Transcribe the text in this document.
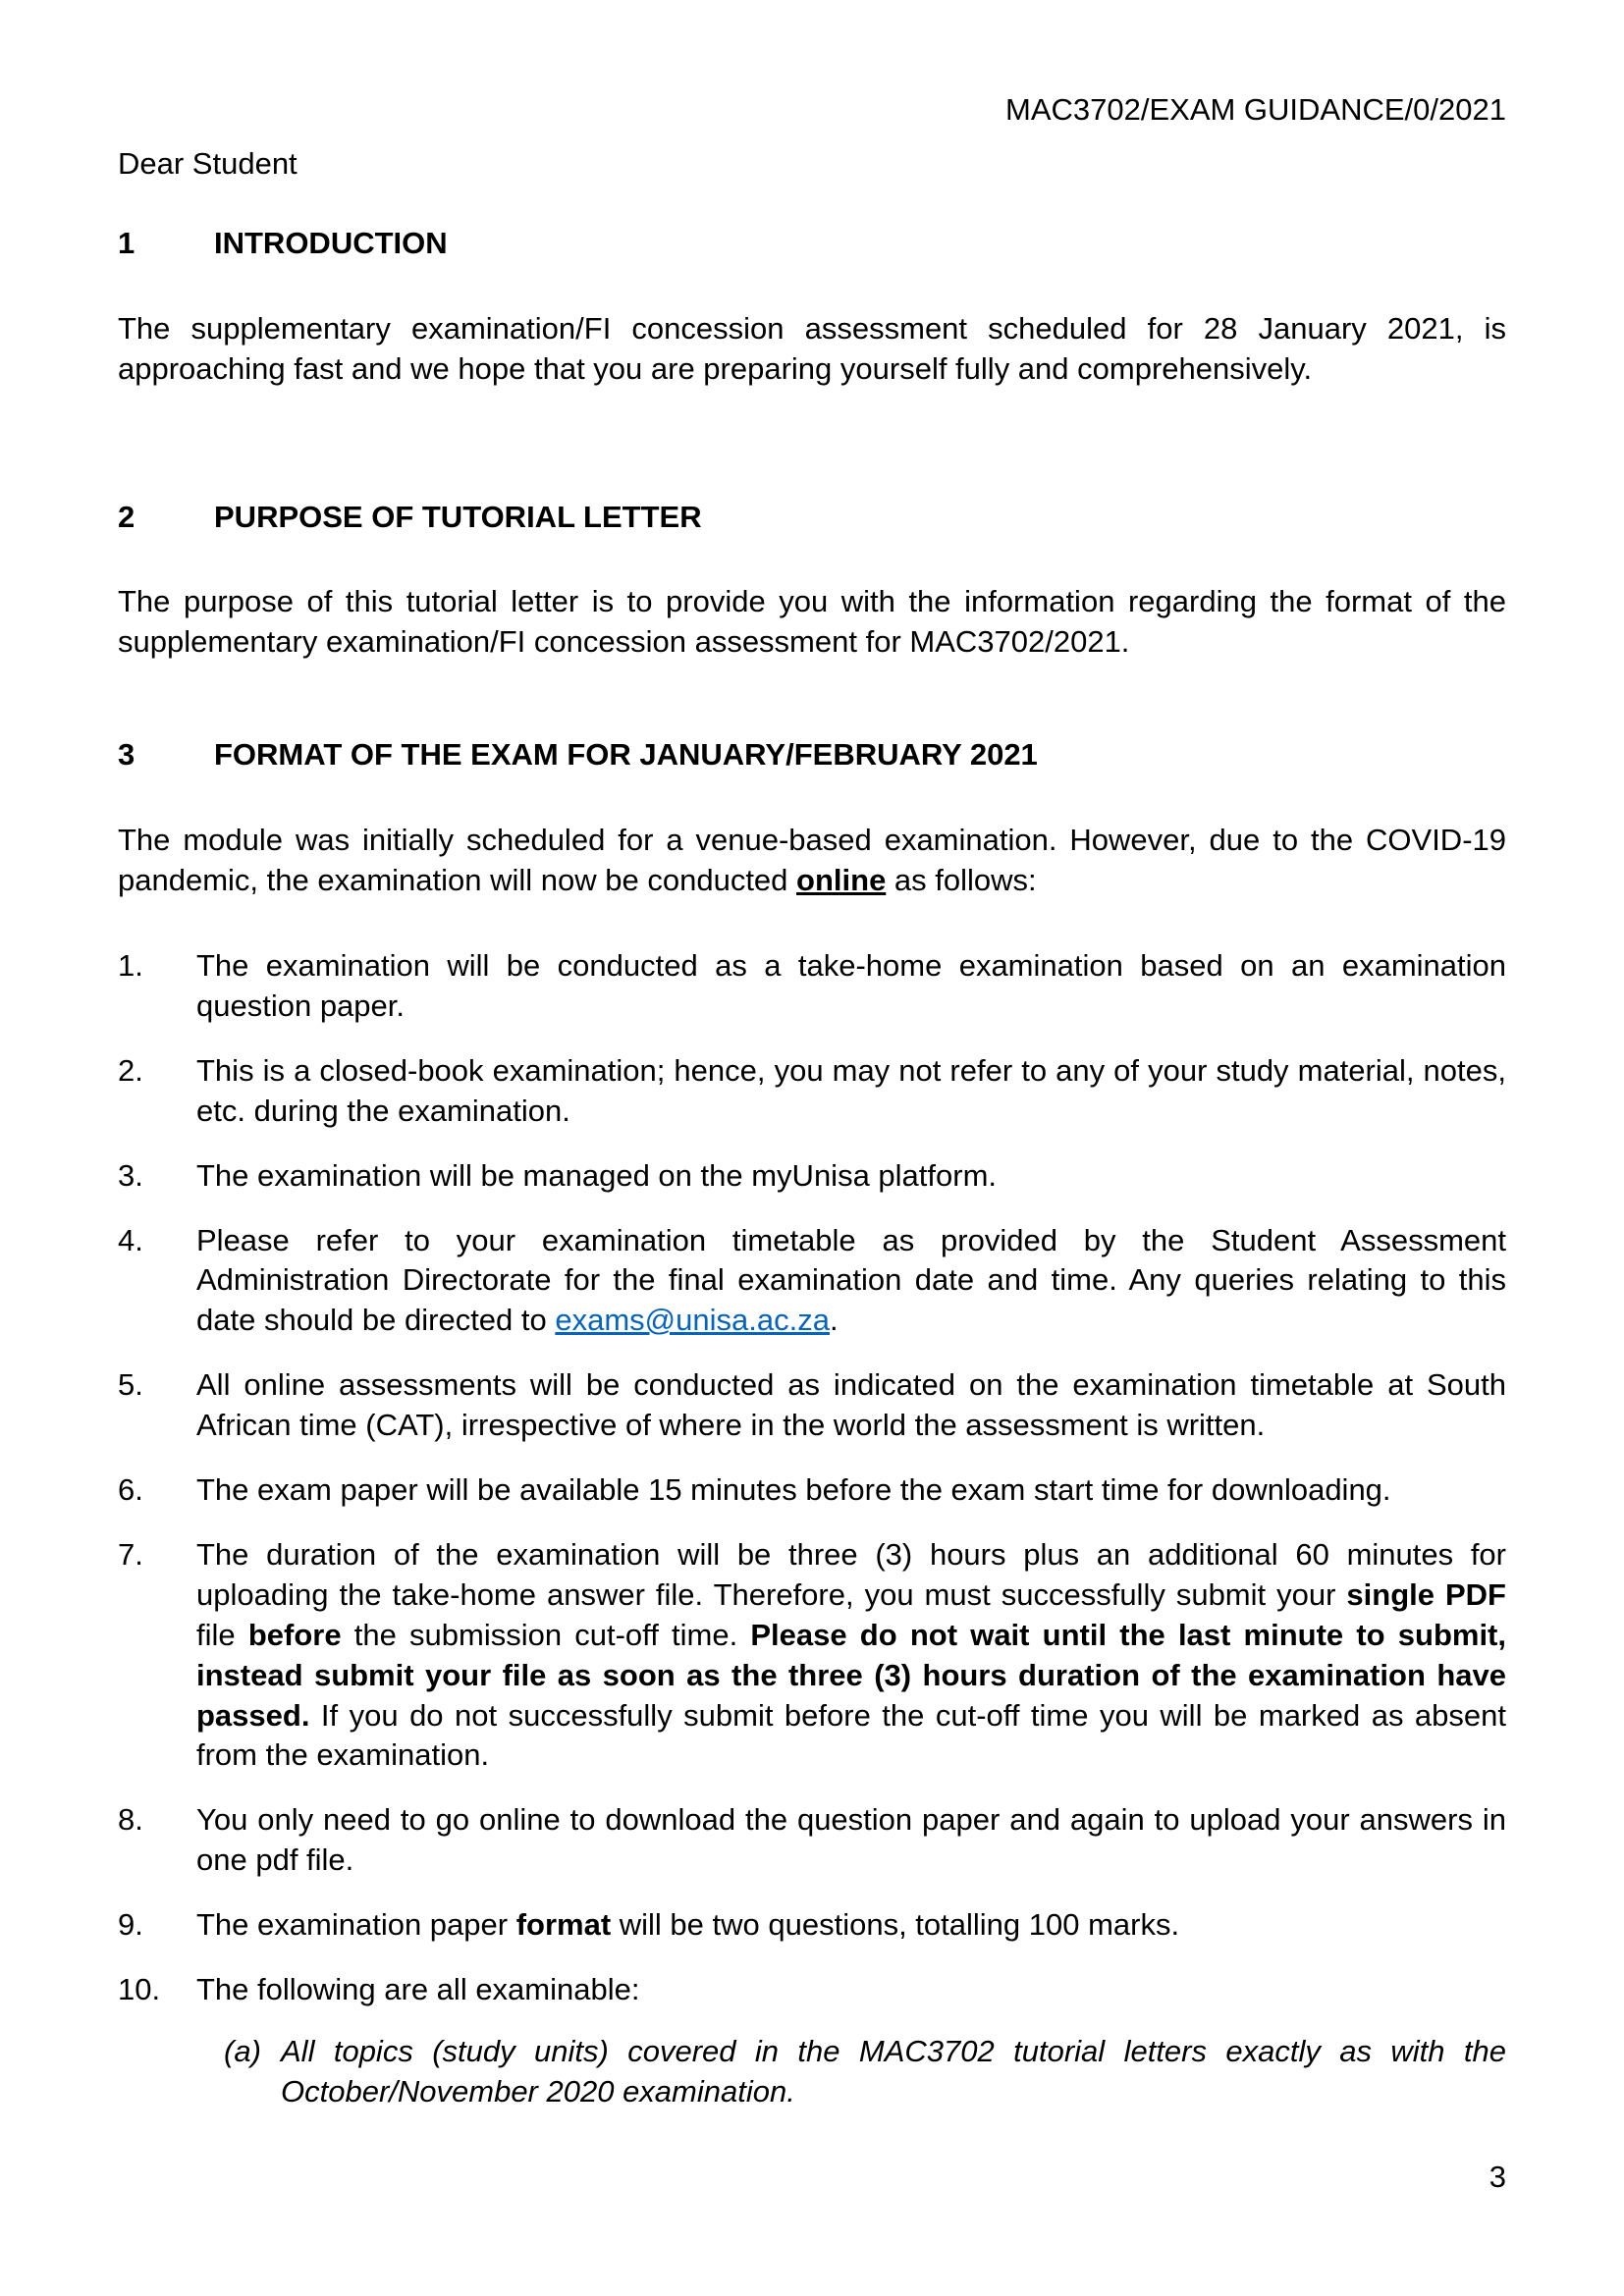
MAC3702/EXAM GUIDANCE/0/2021
Dear Student
1	INTRODUCTION

The supplementary examination/FI concession assessment scheduled for 28 January 2021, is approaching fast and we hope that you are preparing yourself fully and comprehensively.

2	PURPOSE OF TUTORIAL LETTER

The purpose of this tutorial letter is to provide you with the information regarding the format of the supplementary examination/FI concession assessment for MAC3702/2021.

3	FORMAT OF THE EXAM FOR JANUARY/FEBRUARY 2021

The module was initially scheduled for a venue-based examination. However, due to the COVID-19 pandemic, the examination will now be conducted online as follows:

1. The examination will be conducted as a take-home examination based on an examination question paper.
2. This is a closed-book examination; hence, you may not refer to any of your study material, notes, etc. during the examination.
3. The examination will be managed on the myUnisa platform.
4. Please refer to your examination timetable as provided by the Student Assessment Administration Directorate for the final examination date and time. Any queries relating to this date should be directed to exams@unisa.ac.za.
5. All online assessments will be conducted as indicated on the examination timetable at South African time (CAT), irrespective of where in the world the assessment is written.
6. The exam paper will be available 15 minutes before the exam start time for downloading.
7. The duration of the examination will be three (3) hours plus an additional 60 minutes for uploading the take-home answer file. Therefore, you must successfully submit your single PDF file before the submission cut-off time. Please do not wait until the last minute to submit, instead submit your file as soon as the three (3) hours duration of the examination have passed. If you do not successfully submit before the cut-off time you will be marked as absent from the examination.
8. You only need to go online to download the question paper and again to upload your answers in one pdf file.
9. The examination paper format will be two questions, totalling 100 marks.
10. The following are all examinable:
(a) All topics (study units) covered in the MAC3702 tutorial letters exactly as with the October/November 2020 examination.
3
